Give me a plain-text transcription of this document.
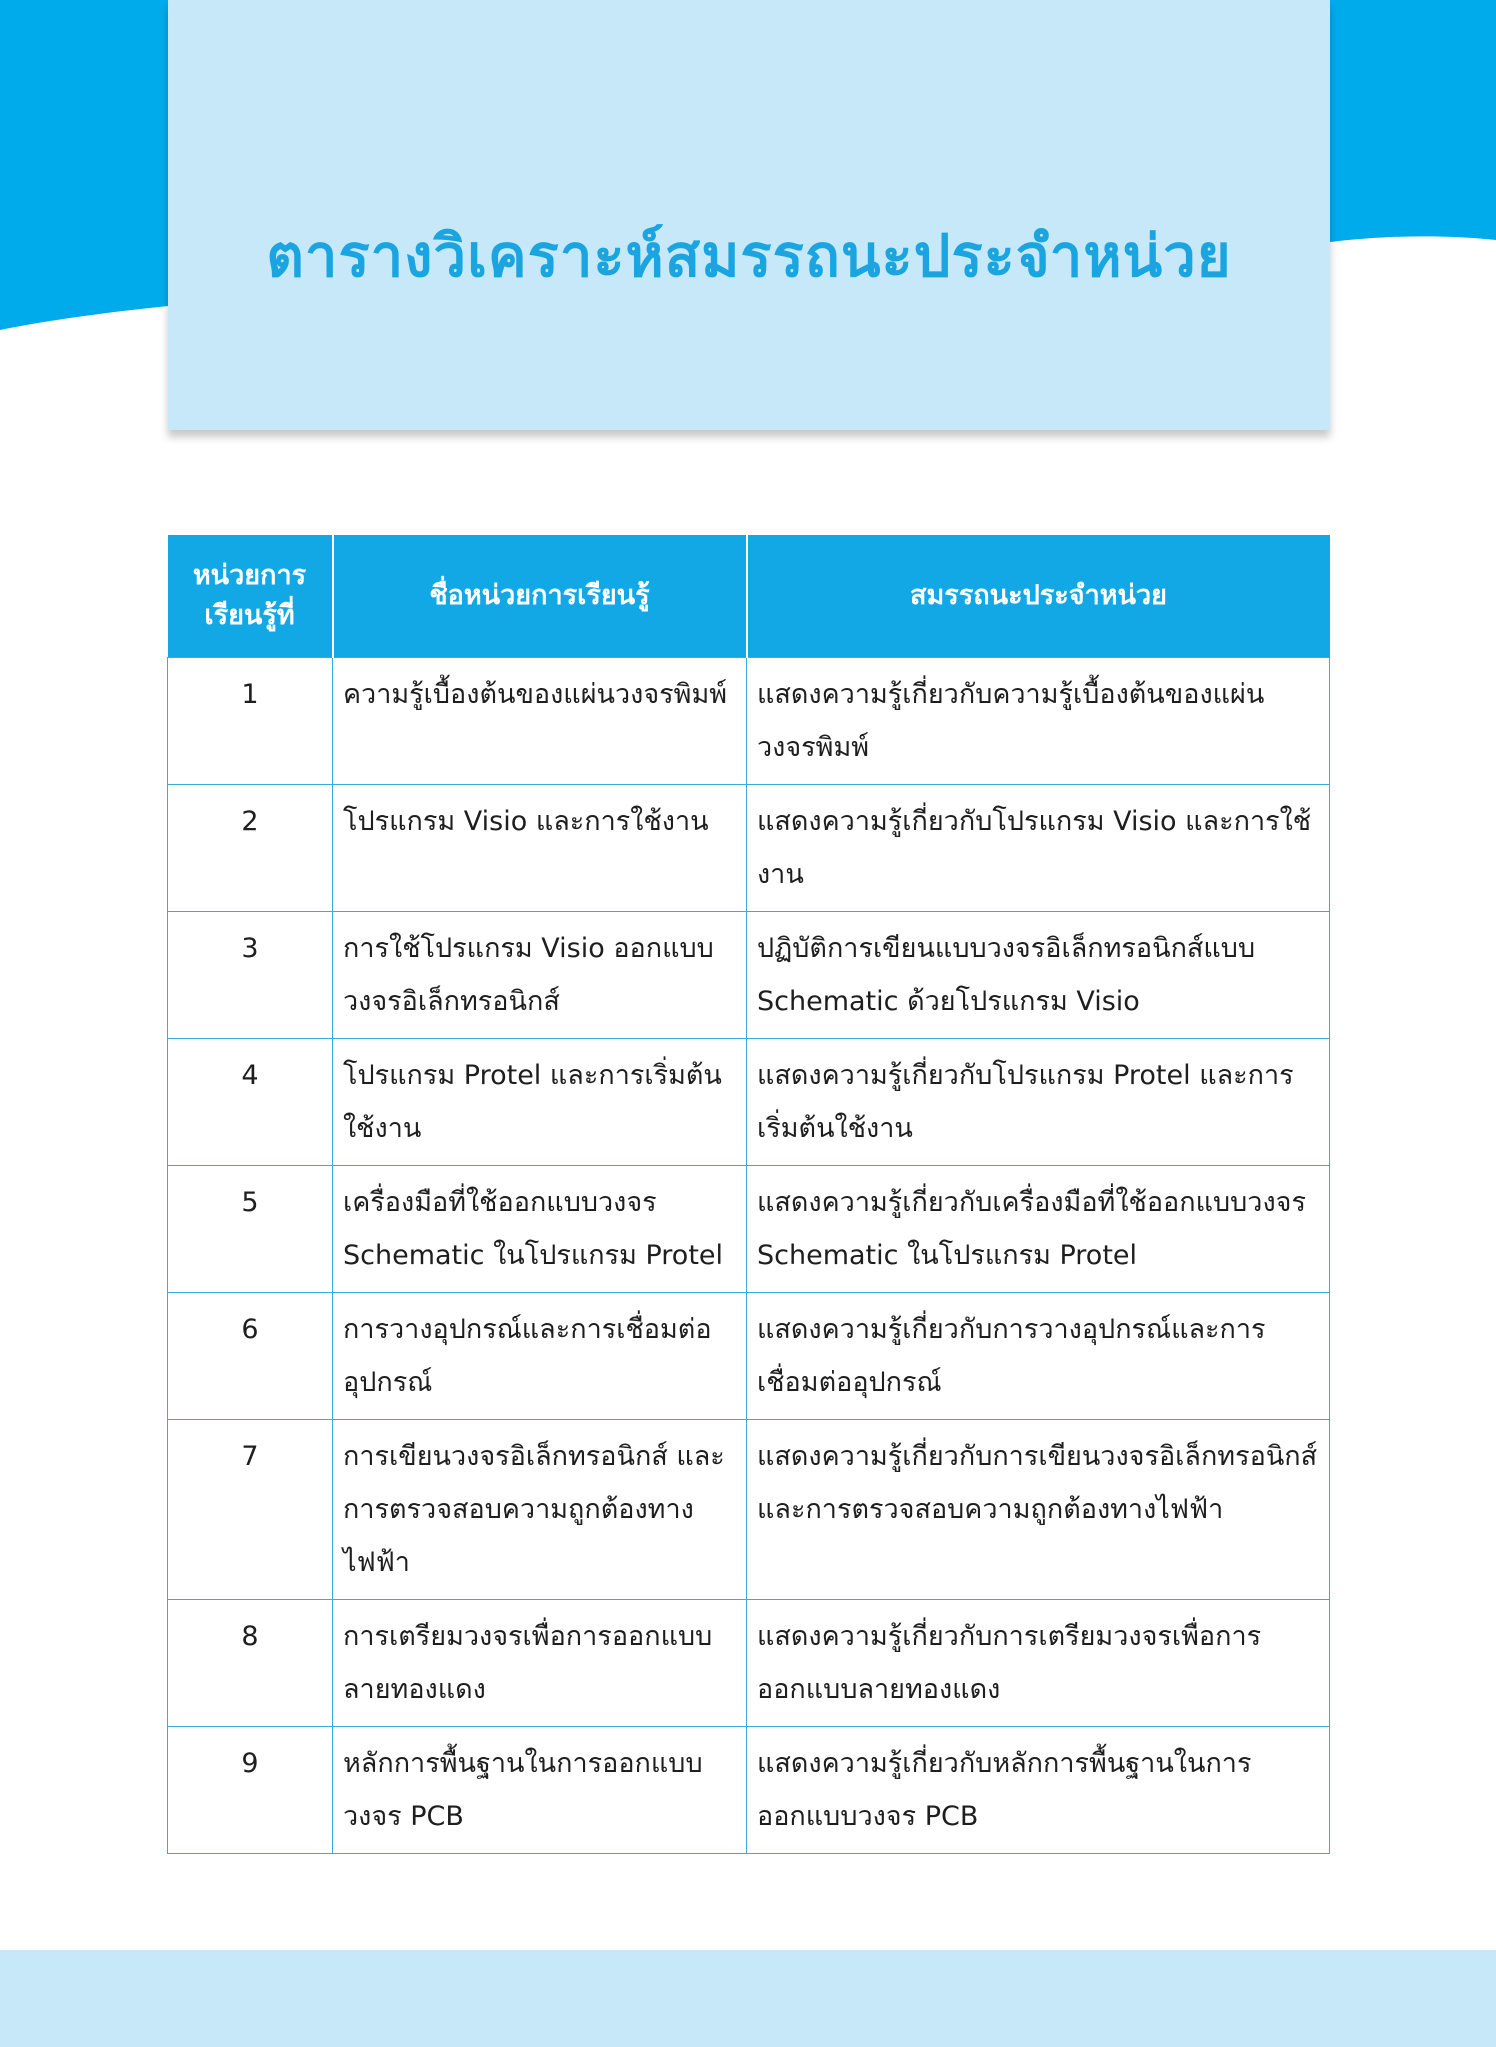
ตารางวิเคราะห์สมรรถนะประจำหน่วย
หน่วยการเรียนรู้ที่	ชื่อหน่วยการเรียนรู้	สมรรถนะประจำหน่วย
1	ความรู้เบื้องต้นของแผ่นวงจรพิมพ์	แสดงความรู้เกี่ยวกับความรู้เบื้องต้นของแผ่นวงจรพิมพ์
2	โปรแกรม Visio และการใช้งาน	แสดงความรู้เกี่ยวกับโปรแกรม Visio และการใช้งาน
3	การใช้โปรแกรม Visio ออกแบบวงจรอิเล็กทรอนิกส์	ปฏิบัติการเขียนแบบวงจรอิเล็กทรอนิกส์แบบ Schematic ด้วยโปรแกรม Visio
4	โปรแกรม Protel และการเริ่มต้นใช้งาน	แสดงความรู้เกี่ยวกับโปรแกรม Protel และการเริ่มต้นใช้งาน
5	เครื่องมือที่ใช้ออกแบบวงจร Schematic ในโปรแกรม Protel	แสดงความรู้เกี่ยวกับเครื่องมือที่ใช้ออกแบบวงจร Schematic ในโปรแกรม Protel
6	การวางอุปกรณ์และการเชื่อมต่ออุปกรณ์	แสดงความรู้เกี่ยวกับการวางอุปกรณ์และการเชื่อมต่ออุปกรณ์
7	การเขียนวงจรอิเล็กทรอนิกส์ และการตรวจสอบความถูกต้องทางไฟฟ้า	แสดงความรู้เกี่ยวกับการเขียนวงจรอิเล็กทรอนิกส์และการตรวจสอบความถูกต้องทางไฟฟ้า
8	การเตรียมวงจรเพื่อการออกแบบลายทองแดง	แสดงความรู้เกี่ยวกับการเตรียมวงจรเพื่อการออกแบบลายทองแดง
9	หลักการพื้นฐานในการออกแบบวงจร PCB	แสดงความรู้เกี่ยวกับหลักการพื้นฐานในการออกแบบวงจร PCB
